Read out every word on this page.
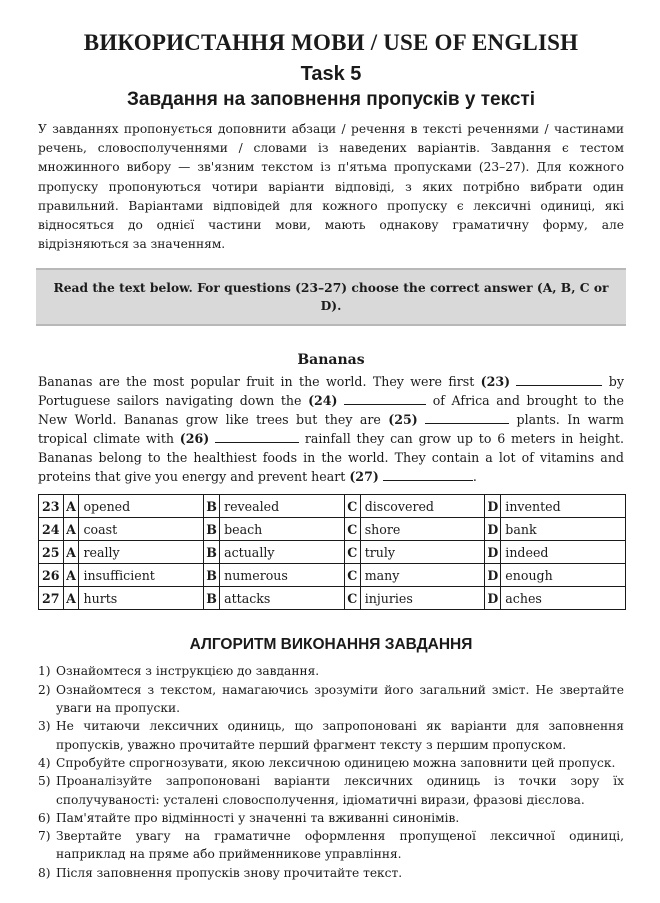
ВИКОРИСТАННЯ МОВИ / USE OF ENGLISH
Task 5
Завдання на заповнення пропусків у тексті

У завданнях пропонується доповнити абзаци / речення в тексті реченнями / частинами речень, словосполученнями / словами із наведених варіантів. Завдання є тестом множинного вибору — зв'язним текстом із п'ятьма пропусками (23–27). Для кожного пропуску пропонуються чотири варіанти відповіді, з яких потрібно вибрати один правильний. Варіантами відповідей для кожного пропуску є лексичні одиниці, які відносяться до однієї частини мови, мають однакову граматичну форму, але відрізняються за значенням.

Read the text below. For questions (23–27) choose the correct answer (A, B, C or D).
Bananas

Bananas are the most popular fruit in the world. They were first (23)	by Portuguese sailors navigating down the (24)	of Africa and brought to the New World. Bananas grow like trees but they are (25)	plants. In warm tropical climate with (26)	rainfall they can grow up to 6 meters in height. Bananas belong to the healthiest foods in the world. They contain a lot of vitamins and proteins that give you energy and prevent heart (27)	.

23	A	opened	B	revealed	C	discovered	D	invented
24	A	coast	B	beach	C	shore	D	bank
25	A	really	B	actually	C	truly	D	indeed
26	A	insufficient	B	numerous	C	many	D	enough
27	A	hurts	B	attacks	C	injuries	D	aches
АЛГОРИТМ ВИКОНАННЯ ЗАВДАННЯ
1) Ознайомтеся з інструкцією до завдання.
2) Ознайомтеся з текстом, намагаючись зрозуміти його загальний зміст. Не звертайте уваги на пропуски.
3) Не читаючи лексичних одиниць, що запропоновані як варіанти для заповнення пропусків, уважно прочитайте перший фрагмент тексту з першим пропуском.
4) Спробуйте спрогнозувати, якою лексичною одиницею можна заповнити цей пропуск.
5) Проаналізуйте запропоновані варіанти лексичних одиниць із точки зору їх сполучуваності: усталені словосполучення, ідіоматичні вирази, фразові дієслова.
6) Пам'ятайте про відмінності у значенні та вживанні синонімів.
7) Звертайте увагу на граматичне оформлення пропущеної лексичної одиниці, наприклад на пряме або прийменникове управління.
8) Після заповнення пропусків знову прочитайте текст.
